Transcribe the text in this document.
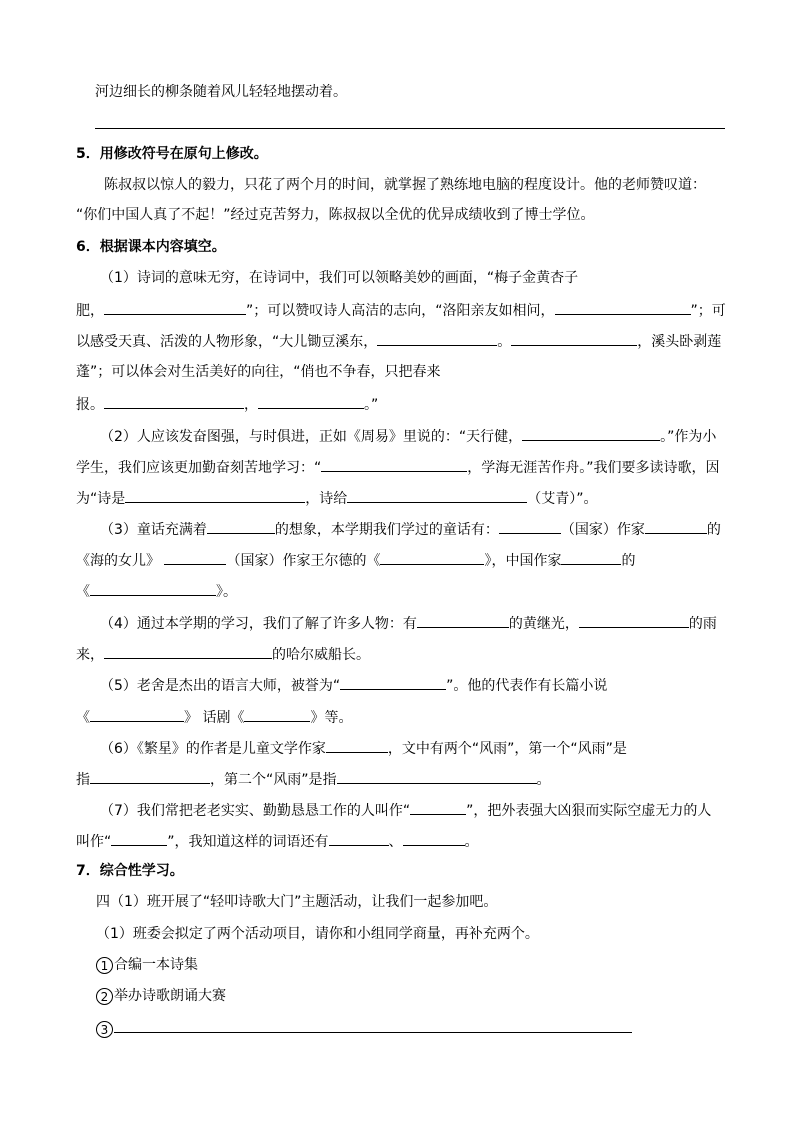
河边细长的柳条随着风儿轻轻地摆动着。
5．用修改符号在原句上修改。
陈叔叔以惊人的毅力，只花了两个月的时间，就掌握了熟练地电脑的程度设计。他的老师赞叹道：
“你们中国人真了不起！”经过克苦努力，陈叔叔以全优的优异成绩收到了博士学位。
6．根据课本内容填空。
（1）诗词的意味无穷，在诗词中，我们可以领略美妙的画面，“梅子金黄杏子
肥，	”；可以赞叹诗人高洁的志向，“洛阳亲友如相问，	”；可
以感受天真、活泼的人物形象，“大儿锄豆溪东，	。	，溪头卧剥莲
蓬”；可以体会对生活美好的向往，“俏也不争春，只把春来
报。	，	。”
（2）人应该发奋图强，与时俱进，正如《周易》里说的：“天行健，	。”作为小
学生，我们应该更加勤奋刻苦地学习：“	，学海无涯苦作舟。”我们要多读诗歌，因
为“诗是	，诗给	（艾青）”。
（3）童话充满着	的想象，本学期我们学过的童话有：	（国家）作家	的
《海的女儿》	（国家）作家王尔德的《	》，中国作家	的
《	》。
（4）通过本学期的学习，我们了解了许多人物：有	的黄继光，	的雨
来，	的哈尔威船长。
（5）老舍是杰出的语言大师，被誉为“	”。他的代表作有长篇小说
《	》 话剧《	》等。
（6）《繁星》的作者是儿童文学作家	，文中有两个“风雨”，第一个“风雨”是
指	，第二个“风雨”是指	。
（7）我们常把老老实实、勤勤恳恳工作的人叫作“	”，把外表强大凶狠而实际空虚无力的人
叫作“	”，我知道这样的词语还有	、	。
7．综合性学习。
四（1）班开展了“轻叩诗歌大门”主题活动，让我们一起参加吧。
（1）班委会拟定了两个活动项目，请你和小组同学商量，再补充两个。
1 合编一本诗集
2 举办诗歌朗诵大赛
3
